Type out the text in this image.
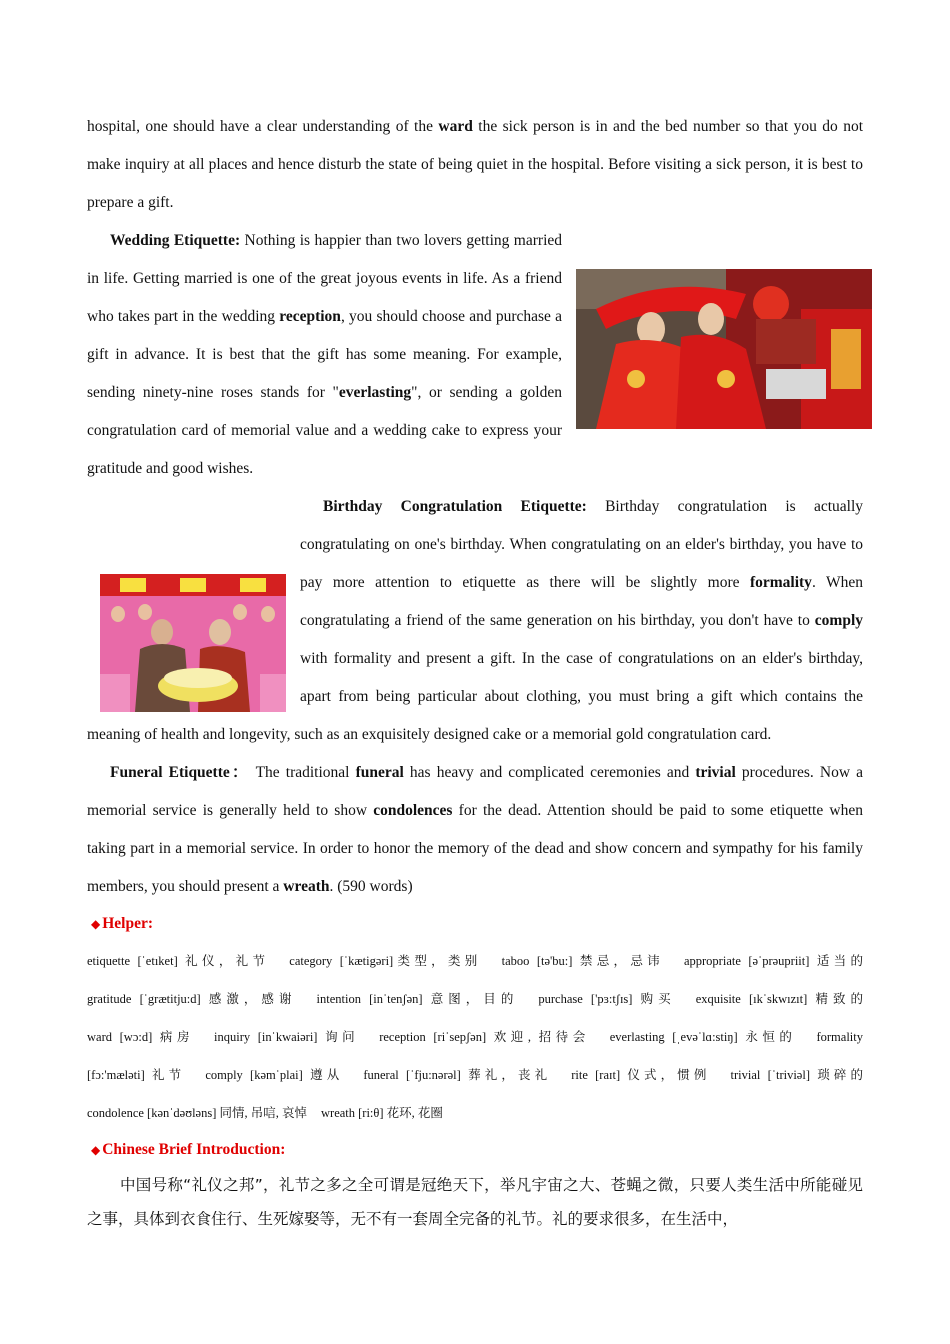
hospital, one should have a clear understanding of the ward the sick person is in and the bed number so that you do not make inquiry at all places and hence disturb the state of being quiet in the hospital. Before visiting a sick person, it is best to prepare a gift.

Wedding Etiquette: Nothing is happier than two lovers getting married in life. Getting married is one of the great joyous events in life. As a friend who takes part in the wedding reception, you should choose and purchase a gift in advance. It is best that the gift has some meaning. For example, sending ninety-nine roses stands for "everlasting", or sending a golden congratulation card of memorial value and a wedding cake to express your gratitude and good wishes.

Birthday Congratulation Etiquette: Birthday congratulation is actually congratulating on one's birthday. When congratulating on an elder's birthday, you have to pay more attention to etiquette as there will be slightly more formality. When congratulating a friend of the same generation on his birthday, you don't have to comply with formality and present a gift. In the case of congratulations on an elder's birthday, apart from being particular about clothing, you must bring a gift which contains the meaning of health and longevity, such as an exquisitely designed cake or a memorial gold congratulation card.

Funeral Etiquette： The traditional funeral has heavy and complicated ceremonies and trivial procedures. Now a memorial service is generally held to show condolences for the dead. Attention should be paid to some etiquette when taking part in a memorial service. In order to honor the memory of the dead and show concern and sympathy for his family members, you should present a wreath. (590 words)

◆ Helper:

etiquette [ˈetıket] 礼仪，礼节 category [ˈkætigəri]类型，类别 taboo [tə'bu:] 禁忌，忌讳 appropriate [əˈprəupriit] 适当的

gratitude [ˈgrætitju:d] 感激，感谢 intention [inˈtenʃən] 意图，目的 purchase ['pɜ:tʃɪs] 购买 exquisite [ıkˈskwızıt] 精致的

ward [wɔ:d] 病房 inquiry [inˈkwaiəri] 询问 reception [riˈsepʃən] 欢迎, 招待会 everlasting [ˌevəˈlɑ:stiŋ] 永恒的 formality

[fɔ:'mæləti] 礼节 comply [kəmˈplai] 遵从 funeral [ˈfju:nərəl] 葬礼，丧礼 rite [raɪt] 仪式，惯例 trivial [ˈtriviəl] 琐碎的

condolence [kənˈdəʊləns] 同情, 吊唁, 哀悼 wreath [ri:θ] 花环, 花圈

◆ Chinese Brief Introduction:

中国号称“礼仪之邦”，礼节之多之全可谓是冠绝天下，举凡宇宙之大、苍蝇之微，只要人类生活中所能碰见之事，具体到衣食住行、生死嫁娶等，无不有一套周全完备的礼节。礼的要求很多，在生活中，
